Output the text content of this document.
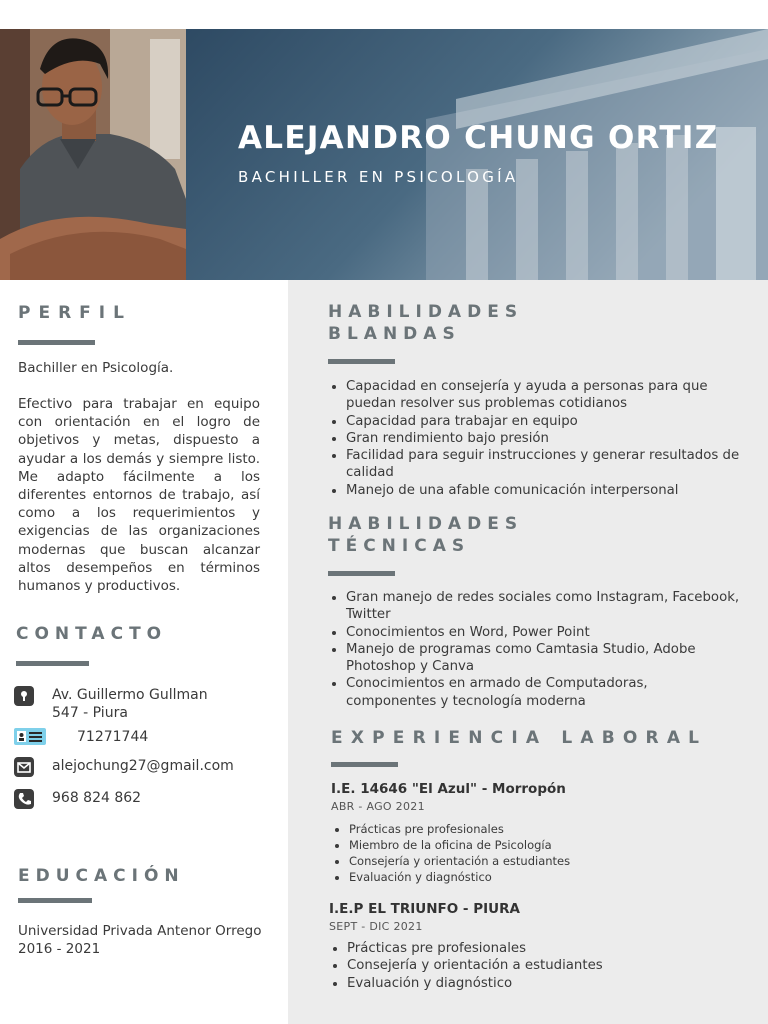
ALEJANDRO CHUNG ORTIZ
BACHILLER EN PSICOLOGÍA
PERFIL

Bachiller en Psicología.

Efectivo para trabajar en equipo con orientación en el logro de objetivos y metas, dispuesto a ayudar a los demás y siempre listo. Me adapto fácilmente a los diferentes entornos de trabajo, así como a los requerimientos y exigencias de las organizaciones modernas que buscan alcanzar altos desempeños en términos humanos y productivos.

CONTACTO
Av. Guillermo Gullman
547 - Piura
71271744
alejochung27@gmail.com
968 824 862
EDUCACIÓN
Universidad Privada Antenor Orrego
2016 - 2021
HABILIDADES
BLANDAS
• Capacidad en consejería y ayuda a personas para que puedan resolver sus problemas cotidianos
• Capacidad para trabajar en equipo
• Gran rendimiento bajo presión
• Facilidad para seguir instrucciones y generar resultados de calidad
• Manejo de una afable comunicación interpersonal
HABILIDADES
TÉCNICAS
• Gran manejo de redes sociales como Instagram, Facebook, Twitter
• Conocimientos en Word, Power Point
• Manejo de programas como Camtasia Studio, Adobe Photoshop y Canva
• Conocimientos en armado de Computadoras, componentes y tecnología moderna
EXPERIENCIA LABORAL
I.E. 14646 "El Azul" - Morropón
ABR - AGO 2021
• Prácticas pre profesionales
• Miembro de la oficina de Psicología
• Consejería y orientación a estudiantes
• Evaluación y diagnóstico
I.E.P EL TRIUNFO - PIURA
SEPT - DIC 2021
• Prácticas pre profesionales
• Consejería y orientación a estudiantes
• Evaluación y diagnóstico
